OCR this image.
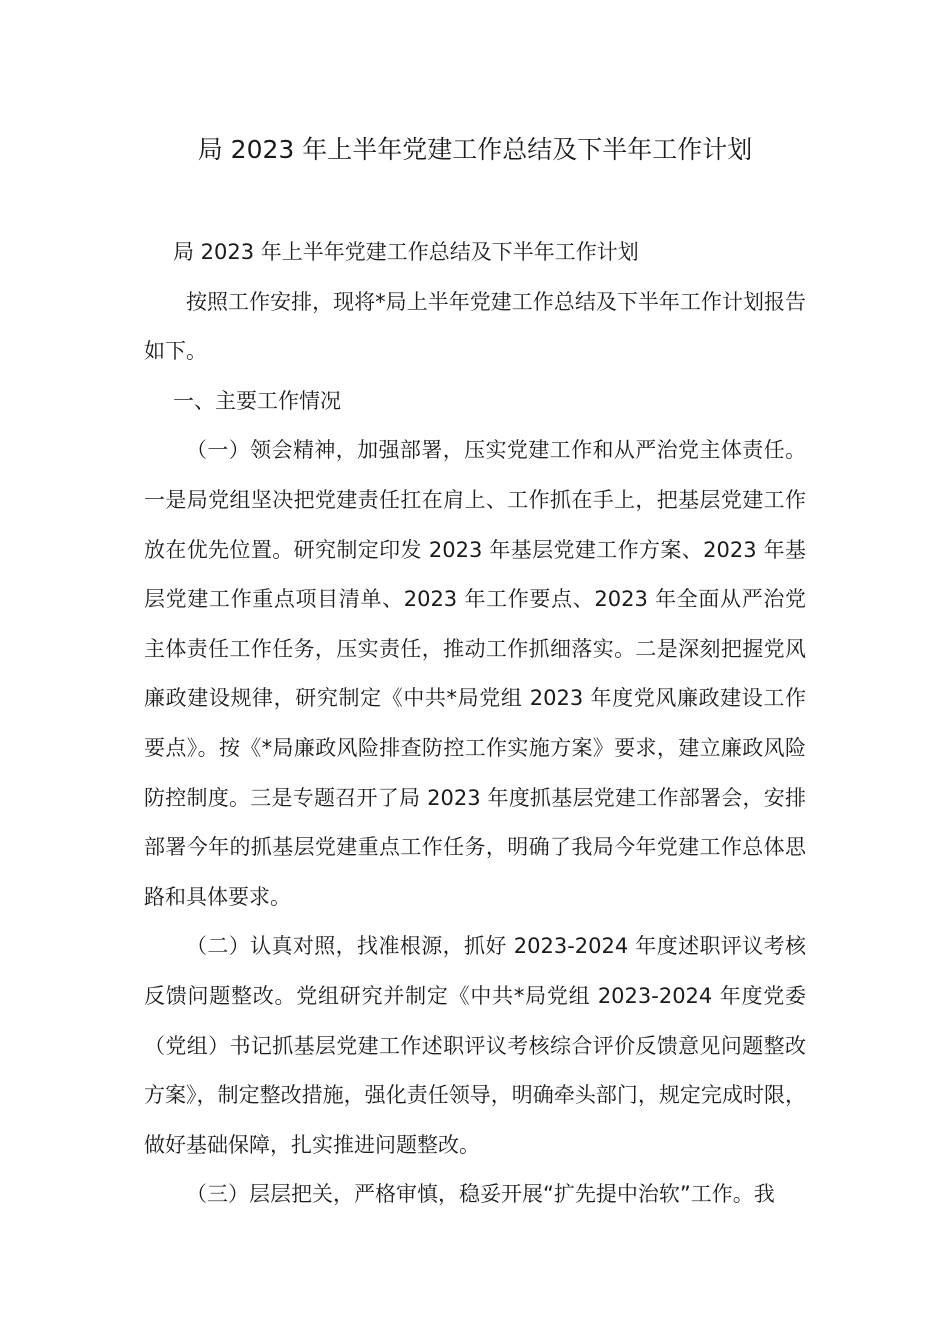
局 2023 年上半年党建工作总结及下半年工作计划

局 2023 年上半年党建工作总结及下半年工作计划

按照工作安排，现将*局上半年党建工作总结及下半年工作计划报告如下。

一、主要工作情况

（一）领会精神，加强部署，压实党建工作和从严治党主体责任。一是局党组坚决把党建责任扛在肩上、工作抓在手上，把基层党建工作放在优先位置。研究制定印发 2023 年基层党建工作方案、2023 年基层党建工作重点项目清单、2023 年工作要点、2023 年全面从严治党主体责任工作任务，压实责任，推动工作抓细落实。二是深刻把握党风廉政建设规律，研究制定《中共*局党组 2023 年度党风廉政建设工作要点》。按《*局廉政风险排查防控工作实施方案》要求，建立廉政风险防控制度。三是专题召开了局 2023 年度抓基层党建工作部署会，安排部署今年的抓基层党建重点工作任务，明确了我局今年党建工作总体思路和具体要求。

（二）认真对照，找准根源，抓好 2023-2024 年度述职评议考核反馈问题整改。党组研究并制定《中共*局党组 2023-2024 年度党委（党组）书记抓基层党建工作述职评议考核综合评价反馈意见问题整改方案》，制定整改措施，强化责任领导，明确牵头部门，规定完成时限，做好基础保障，扎实推进问题整改。

（三）层层把关，严格审慎，稳妥开展“扩先提中治软”工作。我
